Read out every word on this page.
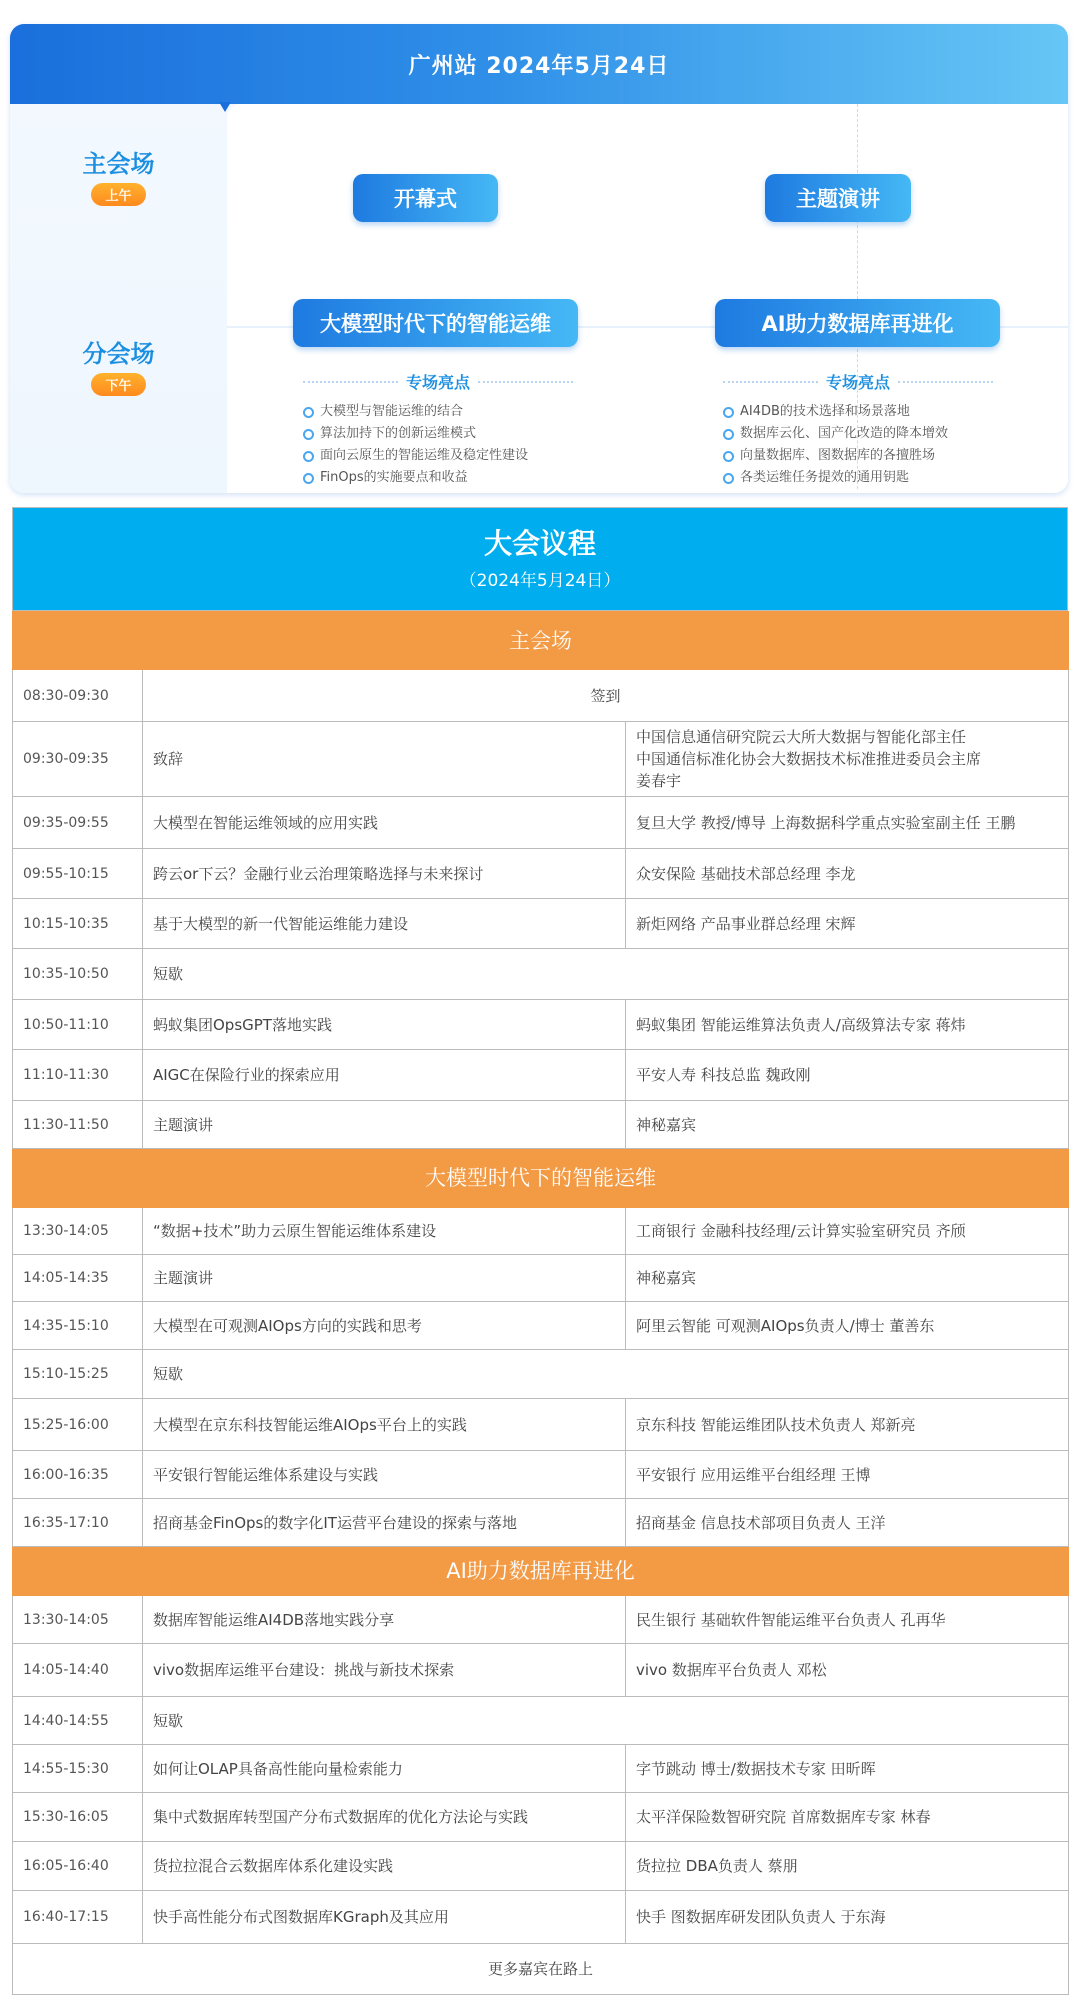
广州站 2024年5月24日
开幕式	主题演讲
大模型时代下的智能运维	AI助力数据库再进化
专场亮点
大模型与智能运维的结合
算法加持下的创新运维模式
面向云原生的智能运维及稳定性建设
FinOps的实施要点和收益
专场亮点
AI4DB的技术选择和场景落地
数据库云化、国产化改造的降本增效
向量数据库、图数据库的各擅胜场
各类运维任务提效的通用钥匙
主会场
上午
分会场
下午
大会议程
（2024年5月24日）
主会场		
08:30-09:30	签到	
09:30-09:35	致辞	中国信息通信研究院云大所大数据与智能化部主任
中国通信标准化协会大数据技术标准推进委员会主席
姜春宇
09:35-09:55	大模型在智能运维领域的应用实践	复旦大学 教授/博导 上海数据科学重点实验室副主任 王鹏
09:55-10:15	跨云or下云？金融行业云治理策略选择与未来探讨	众安保险 基础技术部总经理 李龙
10:15-10:35	基于大模型的新一代智能运维能力建设	新炬网络 产品事业群总经理 宋辉
10:35-10:50	短歇	
10:50-11:10	蚂蚁集团OpsGPT落地实践	蚂蚁集团 智能运维算法负责人/高级算法专家 蒋炜
11:10-11:30	AIGC在保险行业的探索应用	平安人寿 科技总监 魏政刚
11:30-11:50	主题演讲	神秘嘉宾
大模型时代下的智能运维		
13:30-14:05	“数据+技术”助力云原生智能运维体系建设	工商银行 金融科技经理/云计算实验室研究员 齐颀
14:05-14:35	主题演讲	神秘嘉宾
14:35-15:10	大模型在可观测AIOps方向的实践和思考	阿里云智能 可观测AIOps负责人/博士 董善东
15:10-15:25	短歇	
15:25-16:00	大模型在京东科技智能运维AIOps平台上的实践	京东科技 智能运维团队技术负责人 郑新亮
16:00-16:35	平安银行智能运维体系建设与实践	平安银行 应用运维平台组经理 王博
16:35-17:10	招商基金FinOps的数字化IT运营平台建设的探索与落地	招商基金 信息技术部项目负责人 王洋
AI助力数据库再进化		
13:30-14:05	数据库智能运维AI4DB落地实践分享	民生银行 基础软件智能运维平台负责人 孔再华
14:05-14:40	vivo数据库运维平台建设：挑战与新技术探索	vivo 数据库平台负责人 邓松
14:40-14:55	短歇	
14:55-15:30	如何让OLAP具备高性能向量检索能力	字节跳动 博士/数据技术专家 田昕晖
15:30-16:05	集中式数据库转型国产分布式数据库的优化方法论与实践	太平洋保险数智研究院 首席数据库专家 林春
16:05-16:40	货拉拉混合云数据库体系化建设实践	货拉拉 DBA负责人 蔡朋
16:40-17:15	快手高性能分布式图数据库KGraph及其应用	快手 图数据库研发团队负责人 于东海
更多嘉宾在路上		
